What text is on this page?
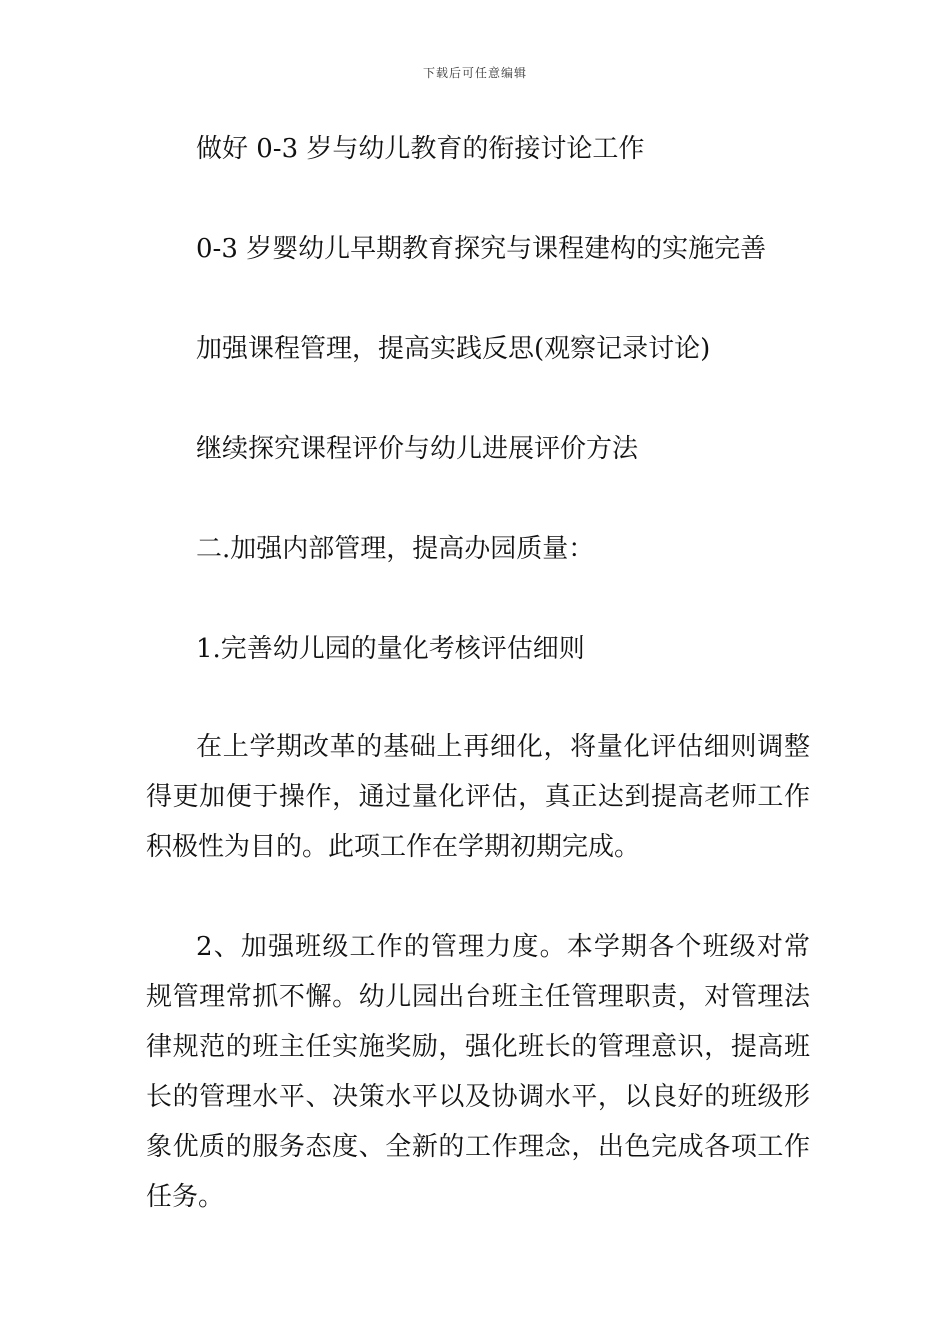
下载后可任意编辑
做好 0-3 岁与幼儿教育的衔接讨论工作
0-3 岁婴幼儿早期教育探究与课程建构的实施完善
加强课程管理，提高实践反思(观察记录讨论)
继续探究课程评价与幼儿进展评价方法
二.加强内部管理，提高办园质量：
1.完善幼儿园的量化考核评估细则
在上学期改革的基础上再细化，将量化评估细则调整得更加便于操作，通过量化评估，真正达到提高老师工作积极性为目的。此项工作在学期初期完成。
2、加强班级工作的管理力度。本学期各个班级对常规管理常抓不懈。幼儿园出台班主任管理职责，对管理法律规范的班主任实施奖励，强化班长的管理意识，提高班长的管理水平、决策水平以及协调水平，以良好的班级形象优质的服务态度、全新的工作理念，出色完成各项工作任务。
